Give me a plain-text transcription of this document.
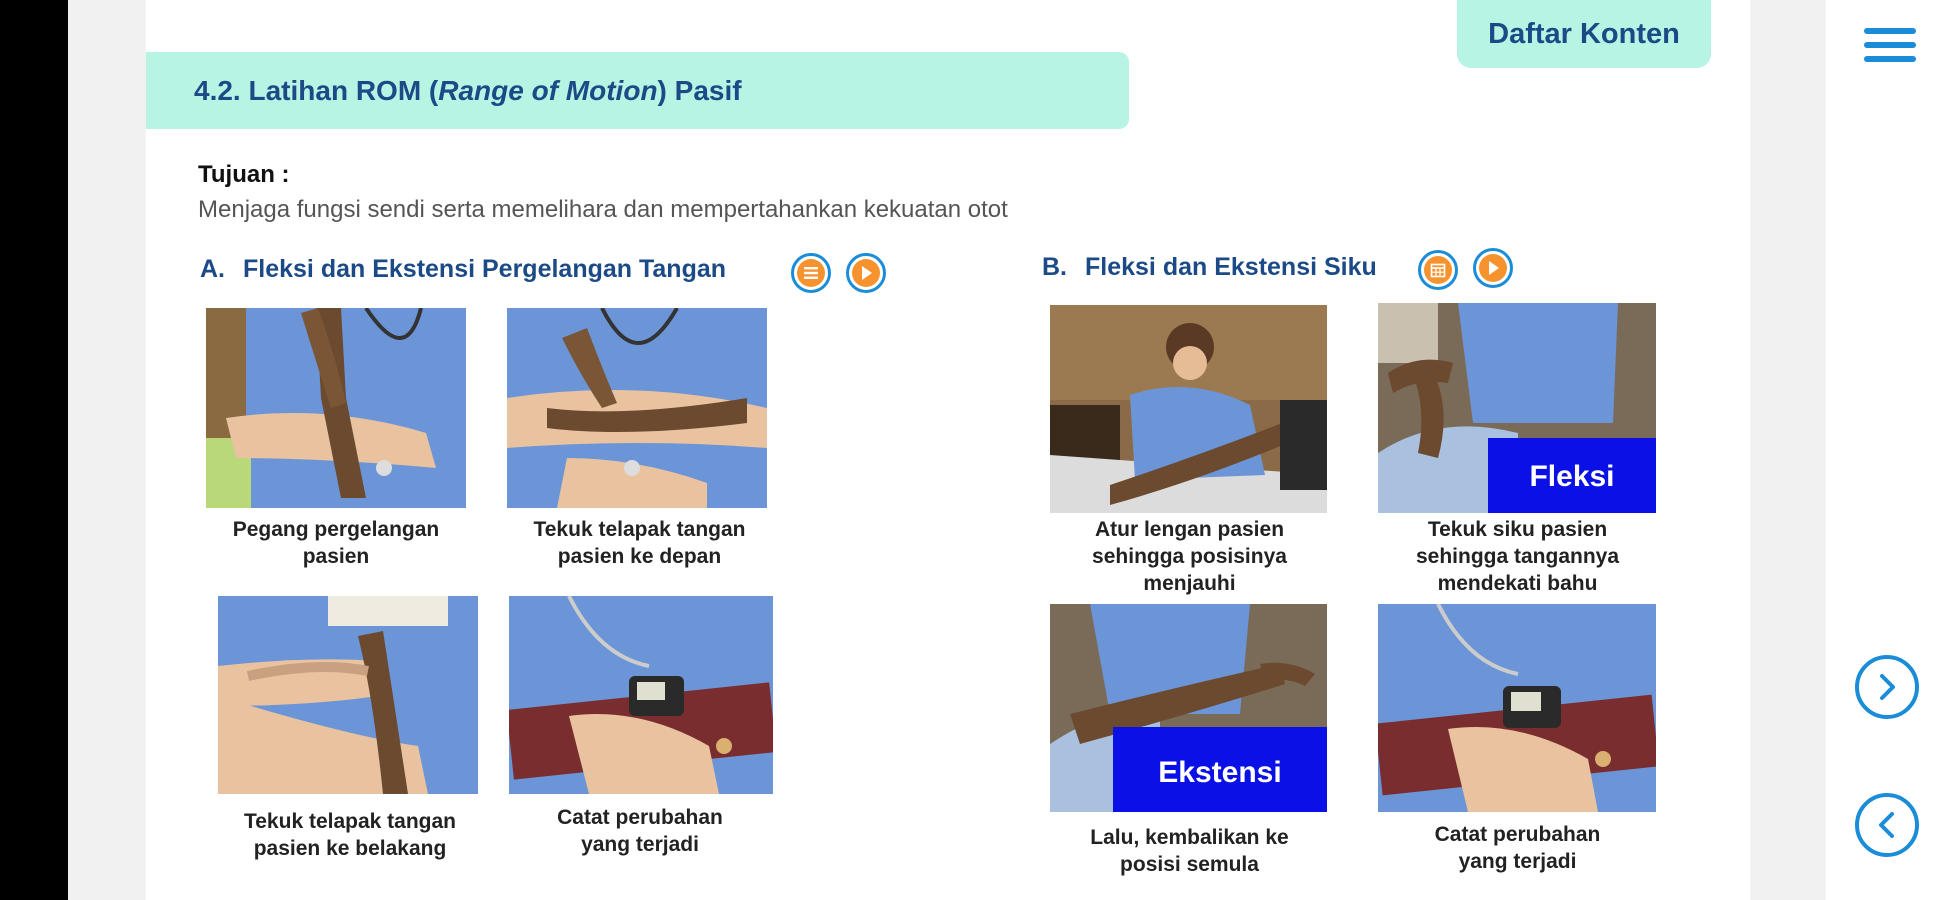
Daftar Konten
4.2. Latihan ROM (Range of Motion) Pasif
Tujuan :
Menjaga fungsi sendi serta memelihara dan mempertahankan kekuatan otot
A. Fleksi dan Ekstensi Pergelangan Tangan
Pegang pergelangan
pasien
Tekuk telapak tangan
pasien ke depan
Tekuk telapak tangan
pasien ke belakang
Catat perubahan
yang terjadi
B. Fleksi dan Ekstensi Siku
Fleksi
Ekstensi
Atur lengan pasien
sehingga posisinya
menjauhi
Tekuk siku pasien
sehingga tangannya
mendekati bahu
Lalu, kembalikan ke
posisi semula
Catat perubahan
yang terjadi
